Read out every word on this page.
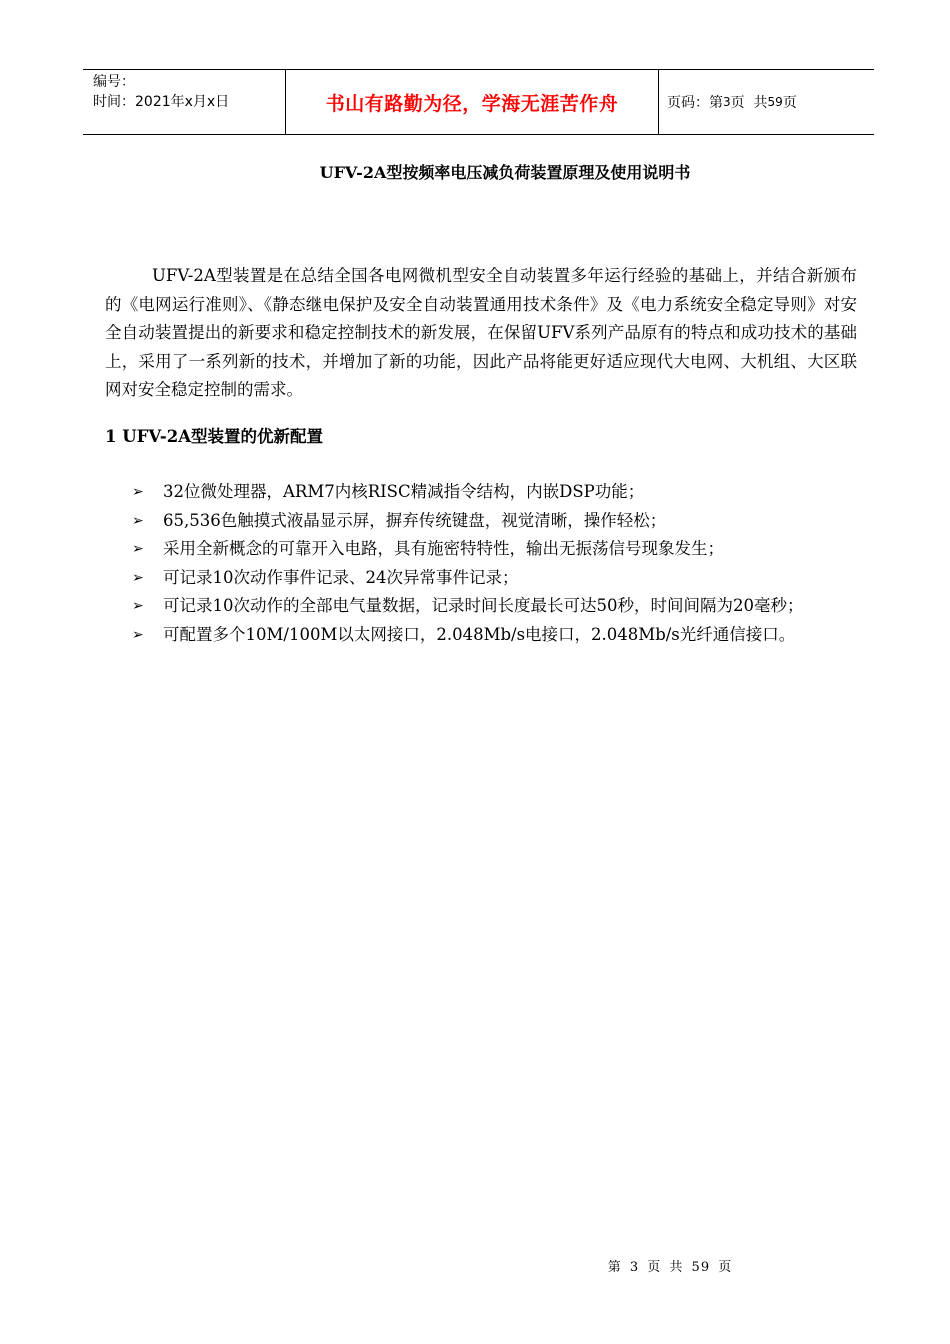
编号：
时间：2021年x月x日	书山有路勤为径，学海无涯苦作舟	页码：第 3 页  共 59 页
UFV-2A型按频率电压减负荷装置原理及使用说明书

UFV-2A型装置是在总结全国各电网微机型安全自动装置多年运行经验的基础上，并结合新颁布的《电网运行准则》、《静态继电保护及安全自动装置通用技术条件》及《电力系统安全稳定导则》对安全自动装置提出的新要求和稳定控制技术的新发展，在保留UFV系列产品原有的特点和成功技术的基础上，采用了一系列新的技术，并增加了新的功能，因此产品将能更好适应现代大电网、大机组、大区联网对安全稳定控制的需求。

1 UFV-2A型装置的优新配置
➢ 32位微处理器，ARM7内核RISC精减指令结构，内嵌DSP功能；
➢ 65,536色触摸式液晶显示屏，摒弃传统键盘，视觉清晰，操作轻松；
➢ 采用全新概念的可靠开入电路，具有施密特特性，输出无振荡信号现象发生；
➢ 可记录10次动作事件记录、24次异常事件记录；
➢ 可记录10次动作的全部电气量数据，记录时间长度最长可达50秒，时间间隔为20毫秒；
➢ 可配置多个10M/100M以太网接口，2.048Mb/s电接口，2.048Mb/s光纤通信接口。
第 3 页 共 59 页
